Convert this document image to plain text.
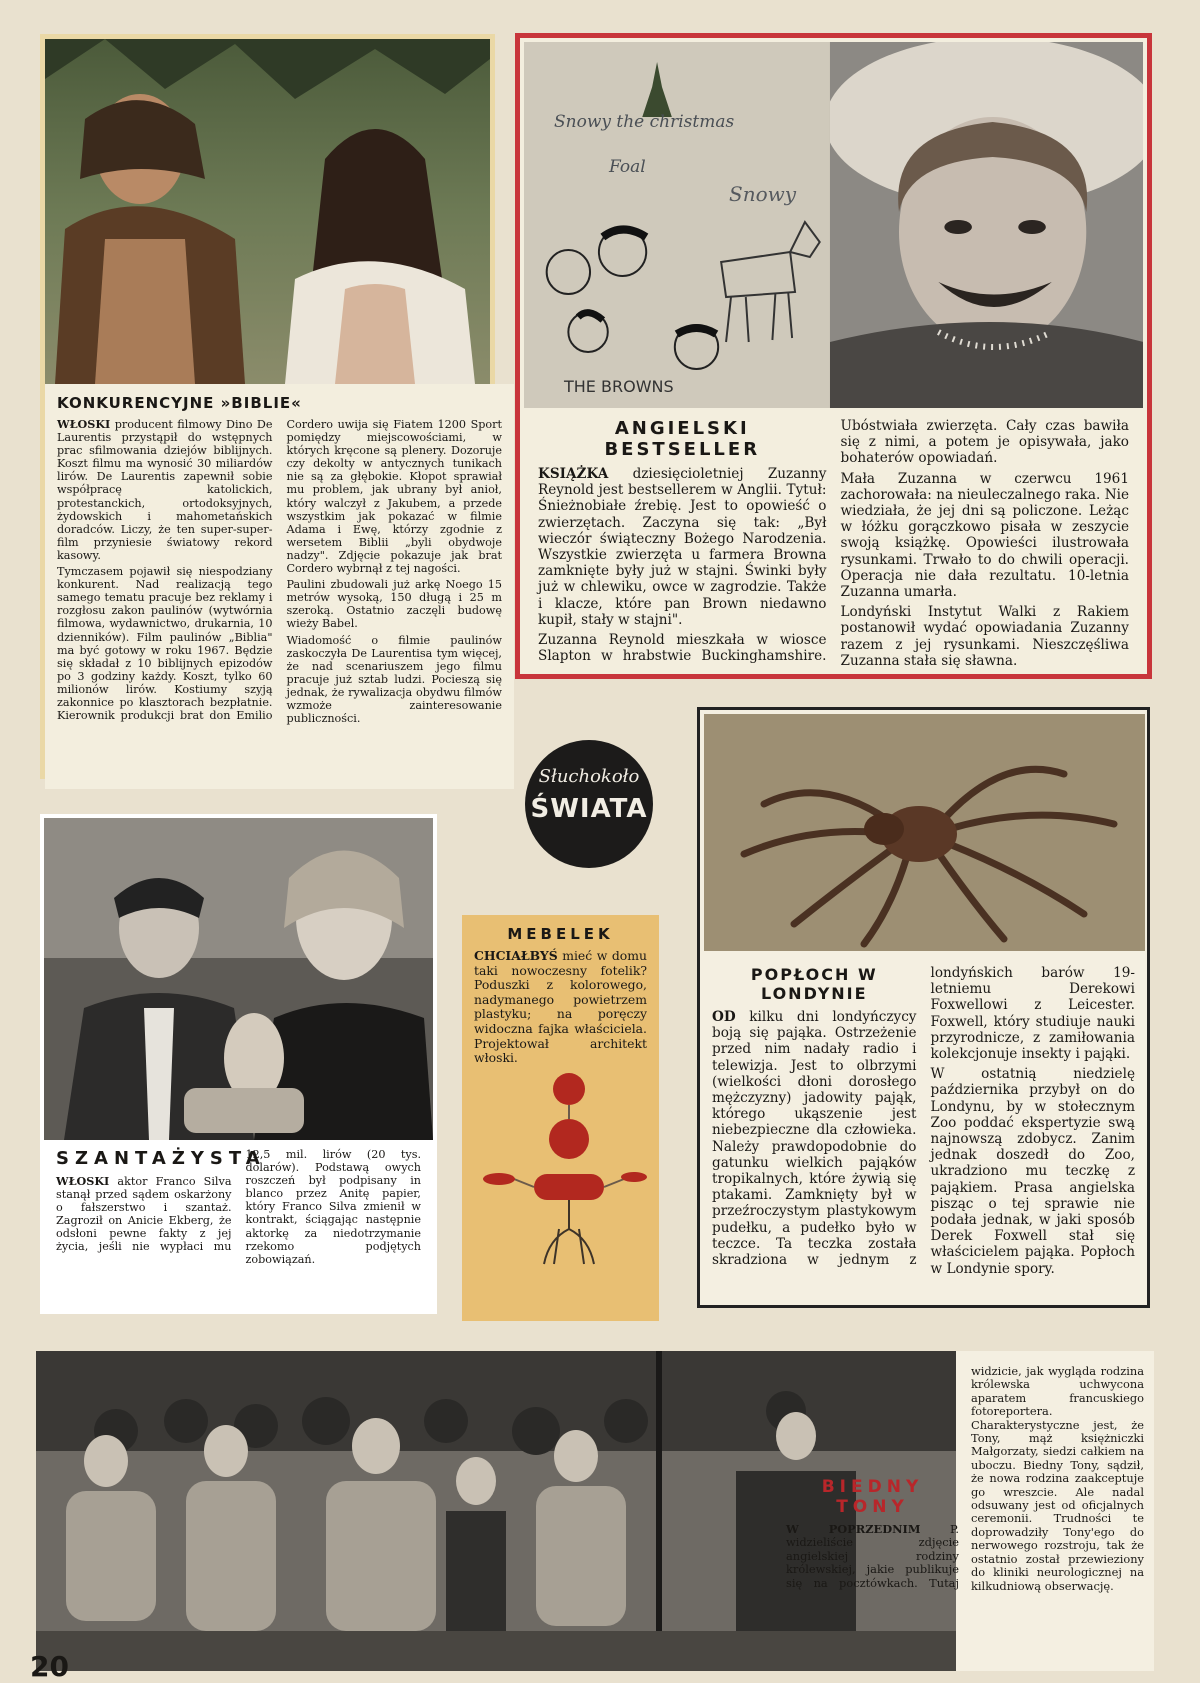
KONKURENCYJNE »BIBLIE«

WŁOSKI producent filmowy Dino De Laurentis przystąpił do wstępnych prac sfilmowania dziejów biblijnych. Koszt filmu ma wynosić 30 miliardów lirów. De Laurentis zapewnił sobie współpracę katolickich, protestanckich, ortodoksyjnych, żydowskich i mahometańskich doradców. Liczy, że ten super-super-film przyniesie światowy rekord kasowy.

Tymczasem pojawił się niespodziany konkurent. Nad realizacją tego samego tematu pracuje bez reklamy i rozgłosu zakon paulinów (wytwórnia filmowa, wydawnictwo, drukarnia, 10 dzienników). Film paulinów „Biblia" ma być gotowy w roku 1967. Będzie się składał z 10 biblijnych epizodów po 3 godziny każdy. Koszt, tylko 60 milionów lirów. Kostiumy szyją zakonnice po klasztorach bezpłatnie. Kierownik produkcji brat don Emilio Cordero uwija się Fiatem 1200 Sport pomiędzy miejscowościami, w których kręcone są plenery. Dozoruje czy dekolty w antycznych tunikach nie są za głębokie. Kłopot sprawiał mu problem, jak ubrany był anioł, który walczył z Jakubem, a przede wszystkim jak pokazać w filmie Adama i Ewę, którzy zgodnie z wersetem Biblii „byli obydwoje nadzy". Zdjęcie pokazuje jak brat Cordero wybrnął z tej nagości.

Paulini zbudowali już arkę Noego 15 metrów wysoką, 150 długą i 25 m szeroką. Ostatnio zaczęli budowę wieży Babel.

Wiadomość o filmie paulinów zaskoczyła De Laurentisa tym więcej, że nad scenariuszem jego filmu pracuje już sztab ludzi. Pocieszą się jednak, że rywalizacja obydwu filmów wzmoże zainteresowanie publiczności.

Snowy the christmas
Foal
Snowy
THE BROWNS
ANGIELSKI BESTSELLER

KSIĄŻKA dziesięcioletniej Zuzanny Reynold jest bestsellerem w Anglii. Tytuł: Śnieżnobiałe źrebię. Jest to opowieść o zwierzętach. Zaczyna się tak: „Był wieczór świąteczny Bożego Narodzenia. Wszystkie zwierzęta u farmera Browna zamknięte były już w stajni. Świnki były już w chlewiku, owce w zagrodzie. Także i klacze, które pan Brown niedawno kupił, stały w stajni".

Zuzanna Reynold mieszkała w wiosce Slapton w hrabstwie Buckinghamshire. Ubóstwiała zwierzęta. Cały czas bawiła się z nimi, a potem je opisywała, jako bohaterów opowiadań.

Mała Zuzanna w czerwcu 1961 zachorowała: na nieuleczalnego raka. Nie wiedziała, że jej dni są policzone. Leżąc w łóżku gorączkowo pisała w zeszycie swoją książkę. Opowieści ilustrowała rysunkami. Trwało to do chwili operacji. Operacja nie dała rezultatu. 10-letnia Zuzanna umarła.

Londyński Instytut Walki z Rakiem postanowił wydać opowiadania Zuzanny razem z jej rysunkami. Nieszczęśliwa Zuzanna stała się sławna.

Słuchokoło
ŚWIATA
SZANTAŻYSTA

WŁOSKI aktor Franco Silva stanął przed sądem oskarżony o fałszerstwo i szantaż. Zagroził on Anicie Ekberg, że odsłoni pewne fakty z jej życia, jeśli nie wypłaci mu 12,5 mil. lirów (20 tys. dolarów). Podstawą owych roszczeń był podpisany in blanco przez Anitę papier, który Franco Silva zmienił w kontrakt, ściągając następnie aktorkę za niedotrzymanie rzekomo podjętych zobowiązań.

MEBELEK

CHCIAŁBYŚ mieć w domu taki nowoczesny fotelik? Poduszki z kolorowego, nadymanego powietrzem plastyku; na poręczy widoczna fajka właściciela. Projektował architekt włoski.

POPŁOCH W LONDYNIE

OD kilku dni londyńczycy boją się pająka. Ostrzeżenie przed nim nadały radio i telewizja. Jest to olbrzymi (wielkości dłoni dorosłego mężczyzny) jadowity pająk, którego ukąszenie jest niebezpieczne dla człowieka. Należy prawdopodobnie do gatunku wielkich pająków tropikalnych, które żywią się ptakami. Zamknięty był w przeźroczystym plastykowym pudełku, a pudełko było w teczce. Ta teczka została skradziona w jednym z londyńskich barów 19-letniemu Derekowi Foxwellowi z Leicester. Foxwell, który studiuje nauki przyrodnicze, z zamiłowania kolekcjonuje insekty i pająki.

W ostatnią niedzielę października przybył on do Londynu, by w stołecznym Zoo poddać ekspertyzie swą najnowszą zdobycz. Zanim jednak doszedł do Zoo, ukradziono mu teczkę z pająkiem. Prasa angielska pisząc o tej sprawie nie podała jednak, w jaki sposób Derek Foxwell stał się właścicielem pająka. Popłoch w Londynie spory.

BIEDNY TONY

W POPRZEDNIM P. widzieliście zdjęcie angielskiej rodziny królewskiej, jakie publikuje się na pocztówkach. Tutaj widzicie, jak wygląda rodzina królewska uchwycona aparatem francuskiego fotoreportera. Charakterystyczne jest, że Tony, mąż księżniczki Małgorzaty, siedzi całkiem na uboczu. Biedny Tony, sądził, że nowa rodzina zaakceptuje go wreszcie. Ale nadal odsuwany jest od oficjalnych ceremonii. Trudności te doprowadziły Tony'ego do nerwowego rozstroju, tak że ostatnio został przewieziony do kliniki neurologicznej na kilkudniową obserwację.

20
